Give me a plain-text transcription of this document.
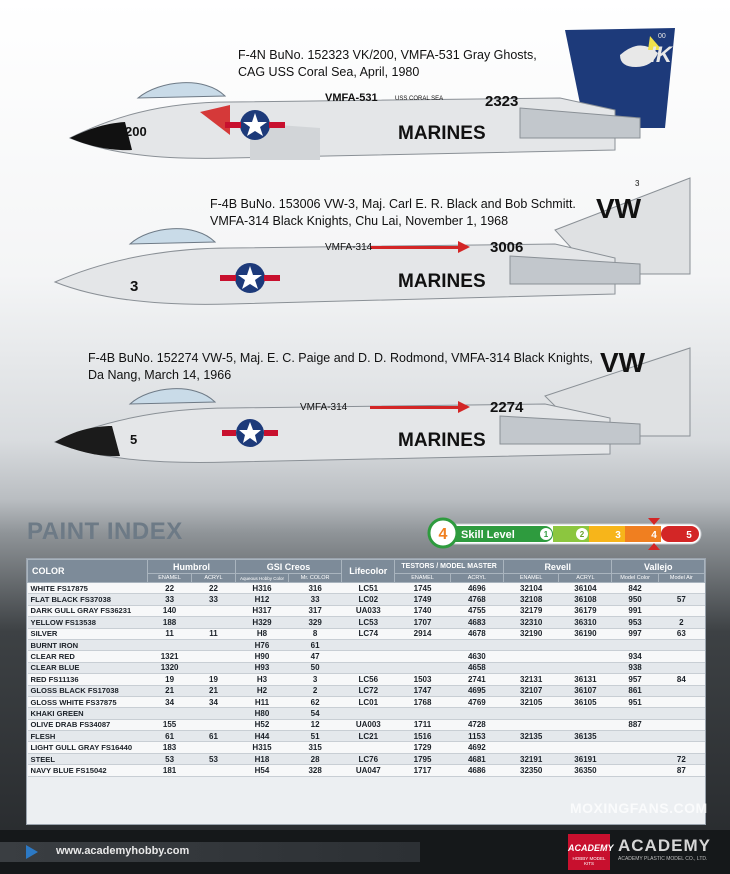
F-4N BuNo. 152323 VK/200, VMFA-531 Gray Ghosts,
CAG USS Coral Sea, April, 1980
VMFA-531	USS CORAL SEA	2323
MARINES
200
NK
00
F-4B BuNo. 153006 VW-3, Maj. Carl E. R. Black and Bob Schmitt.
VMFA-314 Black Knights, Chu Lai, November 1, 1968
VMFA-314	3006
MARINES
3
VW
3
F-4B BuNo. 152274 VW-5, Maj. E. C. Paige and D. D. Rodmond, VMFA-314 Black Knights,
Da Nang, March 14, 1966
VMFA-314	2274
MARINES
5
VW
PAINT INDEX	4 Skill Level	1	2	3	4	5
COLOR	Humbrol		GSI Creos		Lifecolor	TESTORS / MODEL MASTER		Revell		Vallejo	
	ENAMEL	ACRYL	Aqueous Hobby Color	Mr. COLOR		ENAMEL	ACRYL	ENAMEL	ACRYL	Model Color	Model Air
WHITE FS17875	22	22	H316	316	LC51	1745	4696	32104	36104	842	
FLAT BLACK FS37038	33	33	H12	33	LC02	1749	4768	32108	36108	950	57
DARK GULL GRAY FS36231	140		H317	317	UA033	1740	4755	32179	36179	991	
YELLOW FS13538	188		H329	329	LC53	1707	4683	32310	36310	953	2
SILVER	11	11	H8	8	LC74	2914	4678	32190	36190	997	63
BURNT IRON			H76	61							
CLEAR RED	1321		H90	47			4630			934	
CLEAR BLUE	1320		H93	50			4658			938	
RED FS11136	19	19	H3	3	LC56	1503	2741	32131	36131	957	84
GLOSS BLACK FS17038	21	21	H2	2	LC72	1747	4695	32107	36107	861	
GLOSS WHITE FS37875	34	34	H11	62	LC01	1768	4769	32105	36105	951	
KHAKI GREEN			H80	54							
OLIVE DRAB FS34087	155		H52	12	UA003	1711	4728			887	
FLESH	61	61	H44	51	LC21	1516	1153	32135	36135		
LIGHT GULL GRAY FS16440	183		H315	315		1729	4692				
STEEL	53	53	H18	28	LC76	1795	4681	32191	36191		72
NAVY BLUE FS15042	181		H54	328	UA047	1717	4686	32350	36350		87
MOXINGFANS.COM
www.academyhobby.com	ACADEMY
HOBBY MODEL KITS
ACADEMY
ACADEMY PLASTIC MODEL CO., LTD.
